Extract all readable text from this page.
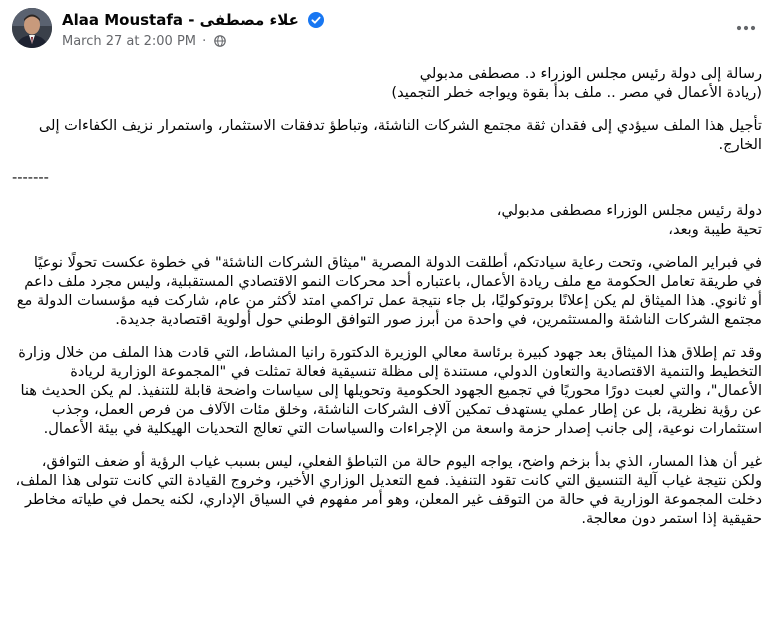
Alaa Moustafa - علاء مصطفى
March 27 at 2:00 PM ·

رسالة إلى دولة رئيس مجلس الوزراء د. مصطفى مدبولي
(ريادة الأعمال في مصر .. ملف بدأ بقوة ويواجه خطر التجميد)

تأجيل هذا الملف سيؤدي إلى فقدان ثقة مجتمع الشركات الناشئة، وتباطؤ تدفقات الاستثمار، واستمرار نزيف الكفاءات إلى الخارج.

-------

دولة رئيس مجلس الوزراء مصطفى مدبولي،
تحية طيبة وبعد،

في فبراير الماضي، وتحت رعاية سيادتكم، أطلقت الدولة المصرية "ميثاق الشركات الناشئة" في خطوة عكست تحولًا نوعيًا في طريقة تعامل الحكومة مع ملف ريادة الأعمال، باعتباره أحد محركات النمو الاقتصادي المستقبلية، وليس مجرد ملف داعم أو ثانوي. هذا الميثاق لم يكن إعلانًا بروتوكوليًا، بل جاء نتيجة عمل تراكمي امتد لأكثر من عام، شاركت فيه مؤسسات الدولة مع مجتمع الشركات الناشئة والمستثمرين، في واحدة من أبرز صور التوافق الوطني حول أولوية اقتصادية جديدة.

وقد تم إطلاق هذا الميثاق بعد جهود كبيرة برئاسة معالي الوزيرة الدكتورة رانيا المشاط، التي قادت هذا الملف من خلال وزارة التخطيط والتنمية الاقتصادية والتعاون الدولي، مستندة إلى مظلة تنسيقية فعالة تمثلت في "المجموعة الوزارية لريادة الأعمال"، والتي لعبت دورًا محوريًا في تجميع الجهود الحكومية وتحويلها إلى سياسات واضحة قابلة للتنفيذ. لم يكن الحديث هنا عن رؤية نظرية، بل عن إطار عملي يستهدف تمكين آلاف الشركات الناشئة، وخلق مئات الآلاف من فرص العمل، وجذب استثمارات نوعية، إلى جانب إصدار حزمة واسعة من الإجراءات والسياسات التي تعالج التحديات الهيكلية في بيئة الأعمال.

غير أن هذا المسار، الذي بدأ بزخم واضح، يواجه اليوم حالة من التباطؤ الفعلي، ليس بسبب غياب الرؤية أو ضعف التوافق، ولكن نتيجة غياب آلية التنسيق التي كانت تقود التنفيذ. فمع التعديل الوزاري الأخير، وخروج القيادة التي كانت تتولى هذا الملف، دخلت المجموعة الوزارية في حالة من التوقف غير المعلن، وهو أمر مفهوم في السياق الإداري، لكنه يحمل في طياته مخاطر حقيقية إذا استمر دون معالجة.
